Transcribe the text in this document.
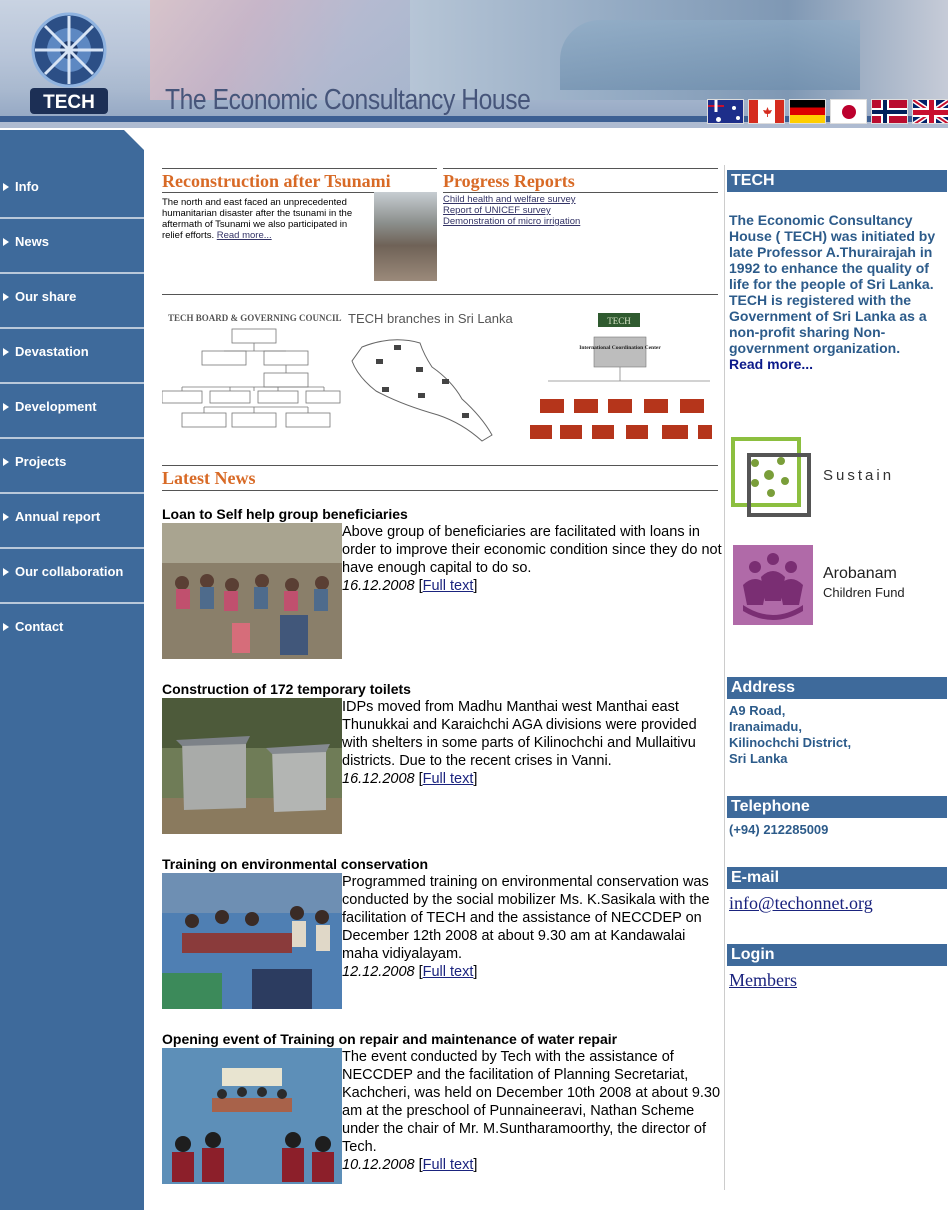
TECH The Economic Consultancy House
Info
News
Our share
Devastation
Development
Projects
Annual report
Our collaboration
Contact
Reconstruction after Tsunami

The north and east faced an unprecedented humanitarian disaster after the tsunami in the aftermath of Tsunami we also participated in relief efforts. Read more...

Progress Reports
Child health and welfare survey
Report of UNICEF survey
Demonstration of micro irrigation
TECH BOARD & GOVERNING COUNCIL TECH branches in Sri Lanka	TECH
International Coordination Center
Latest News
Loan to Self help group beneficiaries
Above group of beneficiaries are facilitated with loans in order to improve their economic condition since they do not have enough capital to do so.
16.12.2008 [Full text]
Construction of 172 temporary toilets
IDPs moved from Madhu Manthai west Manthai east Thunukkai and Karaichchi AGA divisions were provided with shelters in some parts of Kilinochchi and Mullaitivu districts. Due to the recent crises in Vanni.
16.12.2008 [Full text]
Training on environmental conservation
Programmed training on environmental conservation was conducted by the social mobilizer Ms. K.Sasikala with the facilitation of TECH and the assistance of NECCDEP on December 12th 2008 at about 9.30 am at Kandawalai maha vidiyalayam.
12.12.2008 [Full text]
Opening event of Training on repair and maintenance of water repair
The event conducted by Tech with the assistance of NECCDEP and the facilitation of Planning Secretariat, Kachcheri, was held on December 10th 2008 at about 9.30 am at the preschool of Punnaineeravi, Nathan Scheme under the chair of Mr. M.Suntharamoorthy, the director of Tech.
10.12.2008 [Full text]
TECH
The Economic Consultancy House ( TECH) was initiated by late Professor A.Thurairajah in 1992 to enhance the quality of life for the people of Sri Lanka. TECH is registered with the Government of Sri Lanka as a non-profit sharing Non-government organization.
Read more...
Sustain
Arobanam
Children Fund
Address
A9 Road,
Iranaimadu,
Kilinochchi District,
Sri Lanka
Telephone
(+94) 212285009
E-mail
info@techonnet.org
Login
Members
